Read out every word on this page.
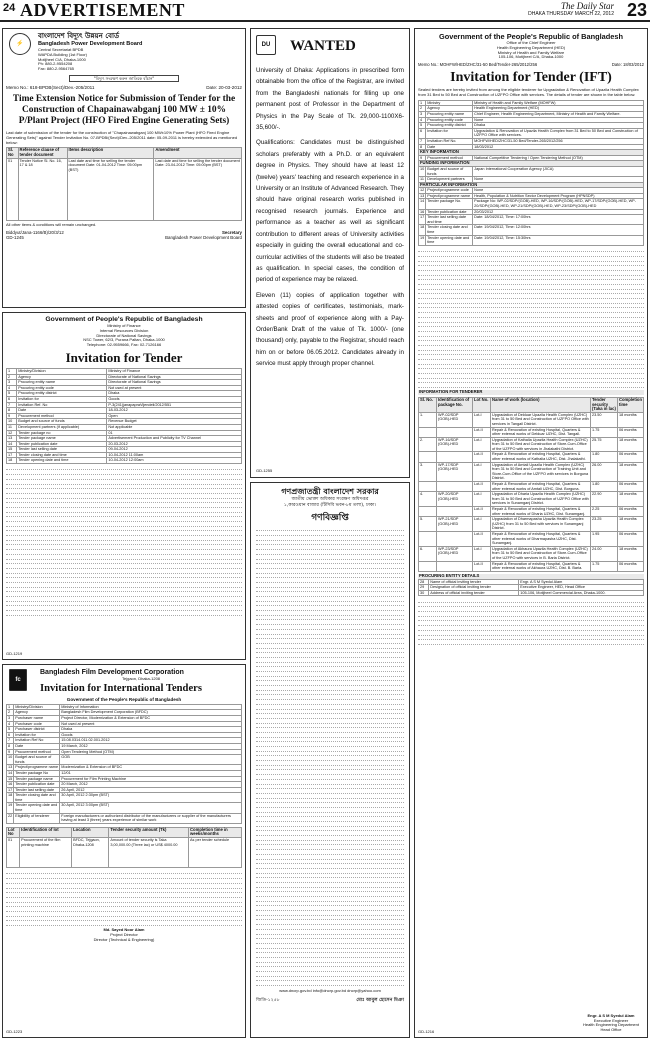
24 ADVERTISEMENT	The Daily Star
DHAKA THURSDAY MARCH 22, 2012 23
⚡
বাংলাদেশ বিদ্যুৎ উন্নয়ন বোর্ড
Bangladesh Power Development Board
Central Secretariat BPDB
WAPDA Building (1st Floor)
Motijheel C/A, Dhaka-1000
Ph: 880-2-9554208
Fax: 880-2-9564765
"বিদ্যুৎ সংরক্ষণ করুন জাতিকে বাঁচান"
Memo No.: 618-BPDB(Sect)/Dev.-205/2011	Date: 20-03-2012
Time Extension Notice for Submission of Tender for the Construction of Chapainawabganj 100 MW ± 10% P/Plant Project (HFO Fired Engine Generating Sets)
Last date of submission of the tender for the construction of "Chapainawabganj 100 MW±10% Power Plant (HFO Fired Engine Generating Sets)" against Tender Invitation No. 07-BPDB/(Sect)/Dev.-205/2011 date: 05-09-2011 is hereby extended as mentioned below:
Sl. No	Reference clause of tender document	Items description	Amendment
01	Tender Notice Sl. No. 16, 17 & 18	Last date and time for selling the tender document Date: 01-04-2012 Time: 05:00pm (BST)	Last date and time for selling the tender document Date: 23-04-2012 Time: 05:00pm (BST)
All other items & conditions will remain unchanged.
Biddyut/Jana-1166/B)/20/3/12	Secretary
GD-1245	Bangladesh Power Development Board
DU	WANTED
University of Dhaka: Applications in prescribed form obtainable from the office of the Registrar, are invited from the Bangladeshi nationals for filling up one permanent post of Professor in the Department of Physics in the Pay Scale of Tk. 29,000-1100X6-35,600/-.
Qualifications: Candidates must be distinguished scholars preferably with a Ph.D. or an equivalent degree in Physics. They should have at least 12 (twelve) years' teaching and research experience in a University or an Institute of Advanced Research. They should have original research works published in recognised research journals. Experience and performance as a teacher as well as significant contribution to different areas of University activities especially in guiding the overall educational and co-curricular activities of the students will also be treated as qualification. In special cases, the condition of period of experience may be relaxed.
Eleven (11) copies of application together with attested copies of certificates, testimonials, mark-sheets and proof of experience along with a Pay-Order/Bank Draft of the value of Tk. 1000/- (one thousand) only, payable to the Registrar, should reach him on or before 06.05.2012. Candidates already in service must apply through proper channel.
GD-1255
গণপ্রজাতন্ত্রী বাংলাদেশ সরকার
জাতীয় ভোক্তা অধিকার সংরক্ষণ অধিদপ্তর
১,কারওয়ান বাজার (টিসিবি ভবন-৮ম তলা), ঢাকা।
গণবিজ্ঞপ্তি
www.dncrp.gov.bd info@dncrp.gov.bd dncrp@yahoo.com
জিডি-১২৫৮	মোঃ আবুল হোসেন মিঞা
Government of People's Republic of Bangladesh
Ministry of Finance
Internal Resources Division
Directorate of National Savings
NSC Tower, 62/3, Purana Paltan, Dhaka-1000
Telephone: 02-9559666, Fax: 02-7126166
Invitation for Tender
1	Ministry/Division	Ministry of Finance
2	Agency	Directorate of National Savings
3	Procuring entity name	Directorate of National Savings
4	Procuring entity code	Not used at present
5	Procuring entity district	Dhaka
6	Invitation for	Goods
7	Invitation Ref. No	P-3(241)janapapraVijendeli/2012/551
8	Date	18-03-2012
9	Procurement method	Open
10	Budget and source of funds	Revenue Budget
11	Development partners (if applicable)	Not applicable
12	Tender package no	01
13	Tender package name	Advertisement Production and Publicity for TV Channel
14	Tender publication date	20-03-2012
15	Tender last selling date	09-04-2012
17	Tender closing date and time	10-04-2012 11:00am
18	Tender opening date and time	10-04-2012 12:00am
GD-1219
fc
Bangladesh Film Development Corporation
Tejgaon, Dhaka-1208
Invitation for International Tenders
Government of the People's Republic of Bangladesh
1	Ministry/Division	Ministry of Information
2	Agency	Bangladesh Film Development Corporation (BFDC)
3	Purchaser name	Project Director, Modernization & Extension of BFDC
4	Purchaser code	Not used at present
5	Purchaser district	Dhaka
6	Invitation for	Goods
7	Invitation Ref No	15.08.0314.011.02.001.2012
8	Date	19 March, 2012
9	Procurement method	Open Tendering Method (OTM)
10	Budget and source of funds	GOB
13	Project/programme name	Modernization & Extension of BFDC
14	Tender package No	12/01
15	Tender package name	Procurement for Film Printing Machine
16	Tender publication date	20 March, 2012
17	Tender last selling date	26 April, 2012
18	Tender closing date and time	30 April, 2012 2:30pm (BST)
19	Tender opening date and time	30 April, 2012 3:00pm (BST)
22	Eligibility of tenderer	Foreign manufacturers or authorized distributor of the manufacturers or supplier of the manufacturers having at least 3 (three) years experience of similar work
Lot No	Identification of lot	Location	Tender security amount (Tk)	Completion time in weeks/months
01	Procurement of the film printing machine	BFDC, Tejgaon, Dhaka-1208	Amount of tender security is Taka 3,00,000.00 (Three lac) or US$ 4000.00	As per tender schedule
Md. Sayed Noor Alam
Project Director
Director (Technical & Engineering)
GD-1223
Government of the People's Republic of Bangladesh
Office of the Chief Engineer
Health Engineering Department (HED)
Ministry of Health and Family Welfare
105-106, Motijheel C/A, Dhaka-1000
Memo No.: MOHFW/HED/ZHC/31-50 Bed/Tender-265/2012/256	Date: 18/03/2012
Invitation for Tender (IFT)
Sealed tenders are hereby invited from among the eligible tenderer for Upgradation & Renovation of Upazila Health Complex from 31 Bed to 50 Bed and Construction of UZFPO Office with services. The details of tender are shown in the table below.
1	Ministry	Ministry of Health and Family Welfare (MOHFW)
2	Agency	Health Engineering Department (HED)
3	Procuring entity name	Chief Engineer, Health Engineering Department, Ministry of Health and Family Welfare.
4	Procuring entity code	None
5	Procuring entity district	Dhaka
6	Invitation for	Upgradation & Renovation of Upazila Health Complex from 31 Bed to 50 Bed and Construction of UZFPO Office with services.
7	Invitation Ref No.	MOHFW/HED/ZHC/31-50 Bed/Tender-265/2012/256
8	Date	18/03/2012
KEY INFORMATION		
9	Procurement method	National Competitive Tendering / Open Tendering Method (OTM)
FUNDING INFORMATION		
10	Budget and source of funds	Japan International Cooperation Agency (JICA)
11	Development partners	None
PARTICULAR INFORMATION		
12	Project/programme code	None
13	Project/programme name	Health, Population & Nutrition Sector Development Program (HPNSDP)
14	Tender package No.	Package No: WP-02/SDP/(GOB)-HED, WP-16/SDP/(GOB)-HED, WP-17/SDP/(GOB)-HED, WP-20/SDP/(GOB)-HED, WP-21/SDP/(GOB)-HED, WP-23/SDP/(GOB)-HED
16	Tender publication date	20/03/2012
17	Tender last selling date and time	Date: 18/04/2012, Time: 17:00hrs
18	Tender closing date and time	Date: 19/04/2012, Time: 12:00hrs
19	Tender opening date and time	Date: 19/04/2012, Time: 15:30hrs
INFORMATION FOR TENDERER
Sl. No.	Identification of package No.	Lot No.	Name of work (location)	Tender security (Taka in lac)	Completion time
1.	WP-02/SDP (GOB)-HED	Lot-I	Upgradation of Delduar Upazila Health Complex (UZHC) from 31 to 50 Bed and Construction of UZFPO Office with services in Tangail District.	23.50	18 months
		Lot-II	Repair & Renovation of existing Hospital, Quarters & other external works of Delduar UZHC, Dist. Tangail.	1.75	06 months
2.	WP-16/SDP (GOB)-HED	Lot-I	Upgradation of Kathalia Upazila Health Complex (UZHC) from 31 to 50 Bed and Construction of Store-Cum-Office of the UZFPO with services in Jhalakathi District.	25.75	18 months
		Lot-II	Repair & Renovation of existing Hospital, Quarters & other external works of Kathalia UZHC, Dist. Jhalakathi.	1.80	06 months
3.	WP-17/SDP (GOB)-HED	Lot-I	Upgradation of Amtali Upazila Health Complex (UZHC) from 31 to 50 Bed and Construction of Training Unit and Store-Cum-Office of the UZFPO with services in Borguna District.	26.00	18 months
		Lot-II	Repair & Renovation of existing Hospital, Quarters & other external works of Amtali UZHC, Dist. Borguna.	1.80	06 months
4.	WP-20/SDP (GOB)-HED	Lot-I	Upgradation of Dharia Upazila Health Complex (UZHC) from 31 to 50 Bed and Construction of UZFPO Office with services in Sunamganj District.	22.90	18 months
		Lot-II	Repair & Renovation of existing Hospital, Quarters & other external works of Dharia UZHC, Dist. Sunamganj.	2.25	06 months
5.	WP-21/SDP (GOB)-HED	Lot-I	Upgradation of Dharmapasha Upazila Health Complex (UZHC) from 31 to 50 Bed with services in Sunamganj District.	23.25	18 months
		Lot-II	Repair & Renovation of existing Hospital, Quarters & other external works of Dharmapasha UZHC, Dist. Sunamganj.	1.95	06 months
6.	WP-23/SDP (GOB)-HED	Lot-I	Upgradation of Akhaura Upazila Health Complex (UZHC) from 31 to 50 Bed and Construction of Store-Cum-Office of the UZFPO with services in B. Baria District.	24.00	18 months
		Lot-II	Repair & Renovation of existing Hospital, Quarters & other external works of Akhaura UZHC, Dist. B. Baria.	1.75	06 months
PROCURING ENTITY DETAILS
28	Name of official inviting tender	Engr. A S M Syedul Alam
29	Designation of official inviting tender	Executive Engineer, HED, Head Office
30	Address of official inviting tender	105-106, Motijheel Commercial Area, Dhaka-1000.
Engr. A S M Syedul Alam
Executive Engineer
Health Engineering Department
Head Office
GD-1216
